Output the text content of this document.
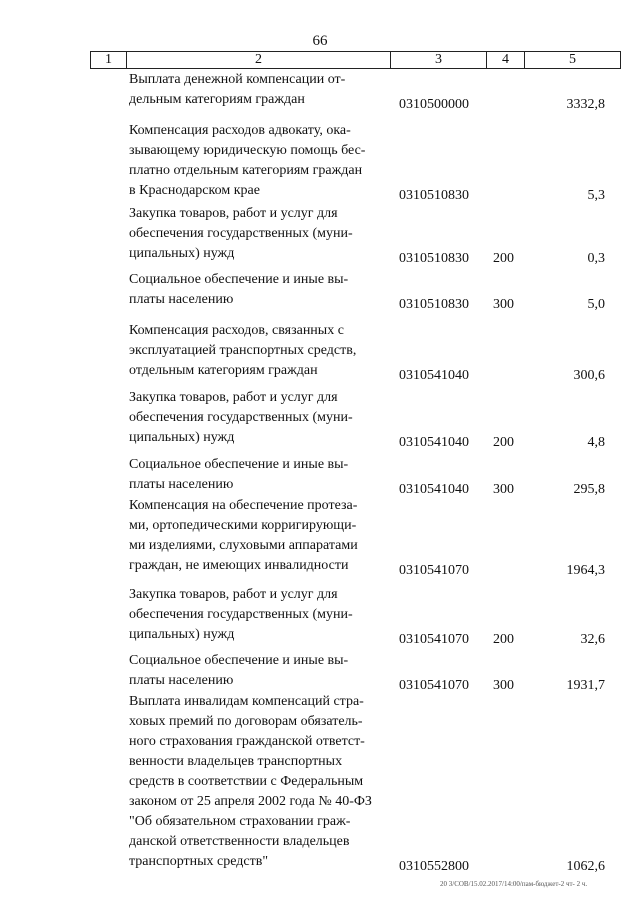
66
1	2	3	4	5
Выплата денежной компенсации от-
дельным категориям граждан	0310500000	3332,8
Компенсация расходов адвокату, ока-
зывающему юридическую помощь бес-
платно отдельным категориям граждан
в Краснодарском крае	0310510830	5,3
Закупка товаров, работ и услуг для
обеспечения государственных (муни-
ципальных) нужд	0310510830 200	0,3
Социальное обеспечение и иные вы-
платы населению	0310510830 300	5,0
Компенсация расходов, связанных с
эксплуатацией транспортных средств,
отдельным категориям граждан	0310541040	300,6
Закупка товаров, работ и услуг для
обеспечения государственных (муни-
ципальных) нужд	0310541040 200	4,8
Социальное обеспечение и иные вы-
платы населению	0310541040 300	295,8
Компенсация на обеспечение протеза-
ми, ортопедическими корригирующи-
ми изделиями, слуховыми аппаратами
граждан, не имеющих инвалидности	0310541070	1964,3
Закупка товаров, работ и услуг для
обеспечения государственных (муни-
ципальных) нужд	0310541070 200	32,6
Социальное обеспечение и иные вы-
платы населению	0310541070 300	1931,7
Выплата инвалидам компенсаций стра-
ховых премий по договорам обязатель-
ного страхования гражданской ответст-
венности владельцев транспортных
средств в соответствии с Федеральным
законом от 25 апреля 2002 года № 40-ФЗ
"Об обязательном страховании граж-
данской ответственности владельцев
транспортных средств"	0310552800	1062,6
20 3/СОВ/15.02.2017/14:00/пам-бюджет-2 чт- 2 ч.
